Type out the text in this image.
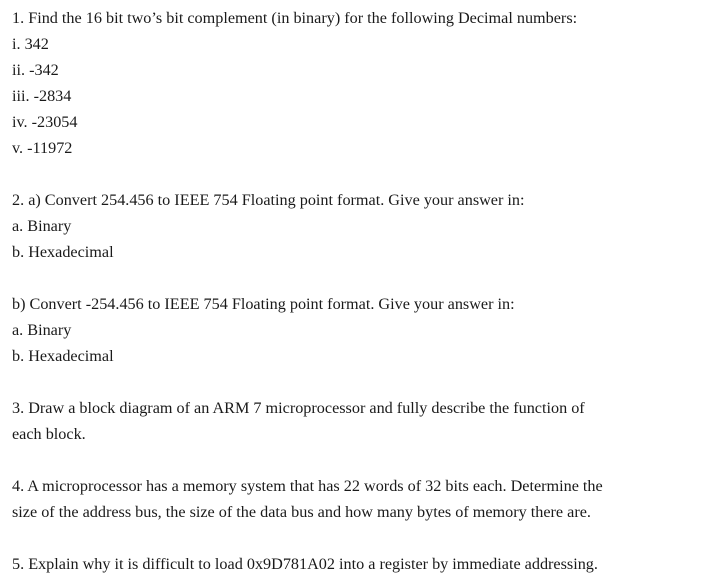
1. Find the 16 bit two’s bit complement (in binary) for the following Decimal numbers:
i. 342
ii. -342
iii. -2834
iv. -23054
v. -11972
2. a) Convert 254.456 to IEEE 754 Floating point format. Give your answer in:
a. Binary
b. Hexadecimal
b) Convert -254.456 to IEEE 754 Floating point format. Give your answer in:
a. Binary
b. Hexadecimal
3. Draw a block diagram of an ARM 7 microprocessor and fully describe the function of
each block.
4. A microprocessor has a memory system that has 22 words of 32 bits each. Determine the
size of the address bus, the size of the data bus and how many bytes of memory there are.
5. Explain why it is difficult to load 0x9D781A02 into a register by immediate addressing.
